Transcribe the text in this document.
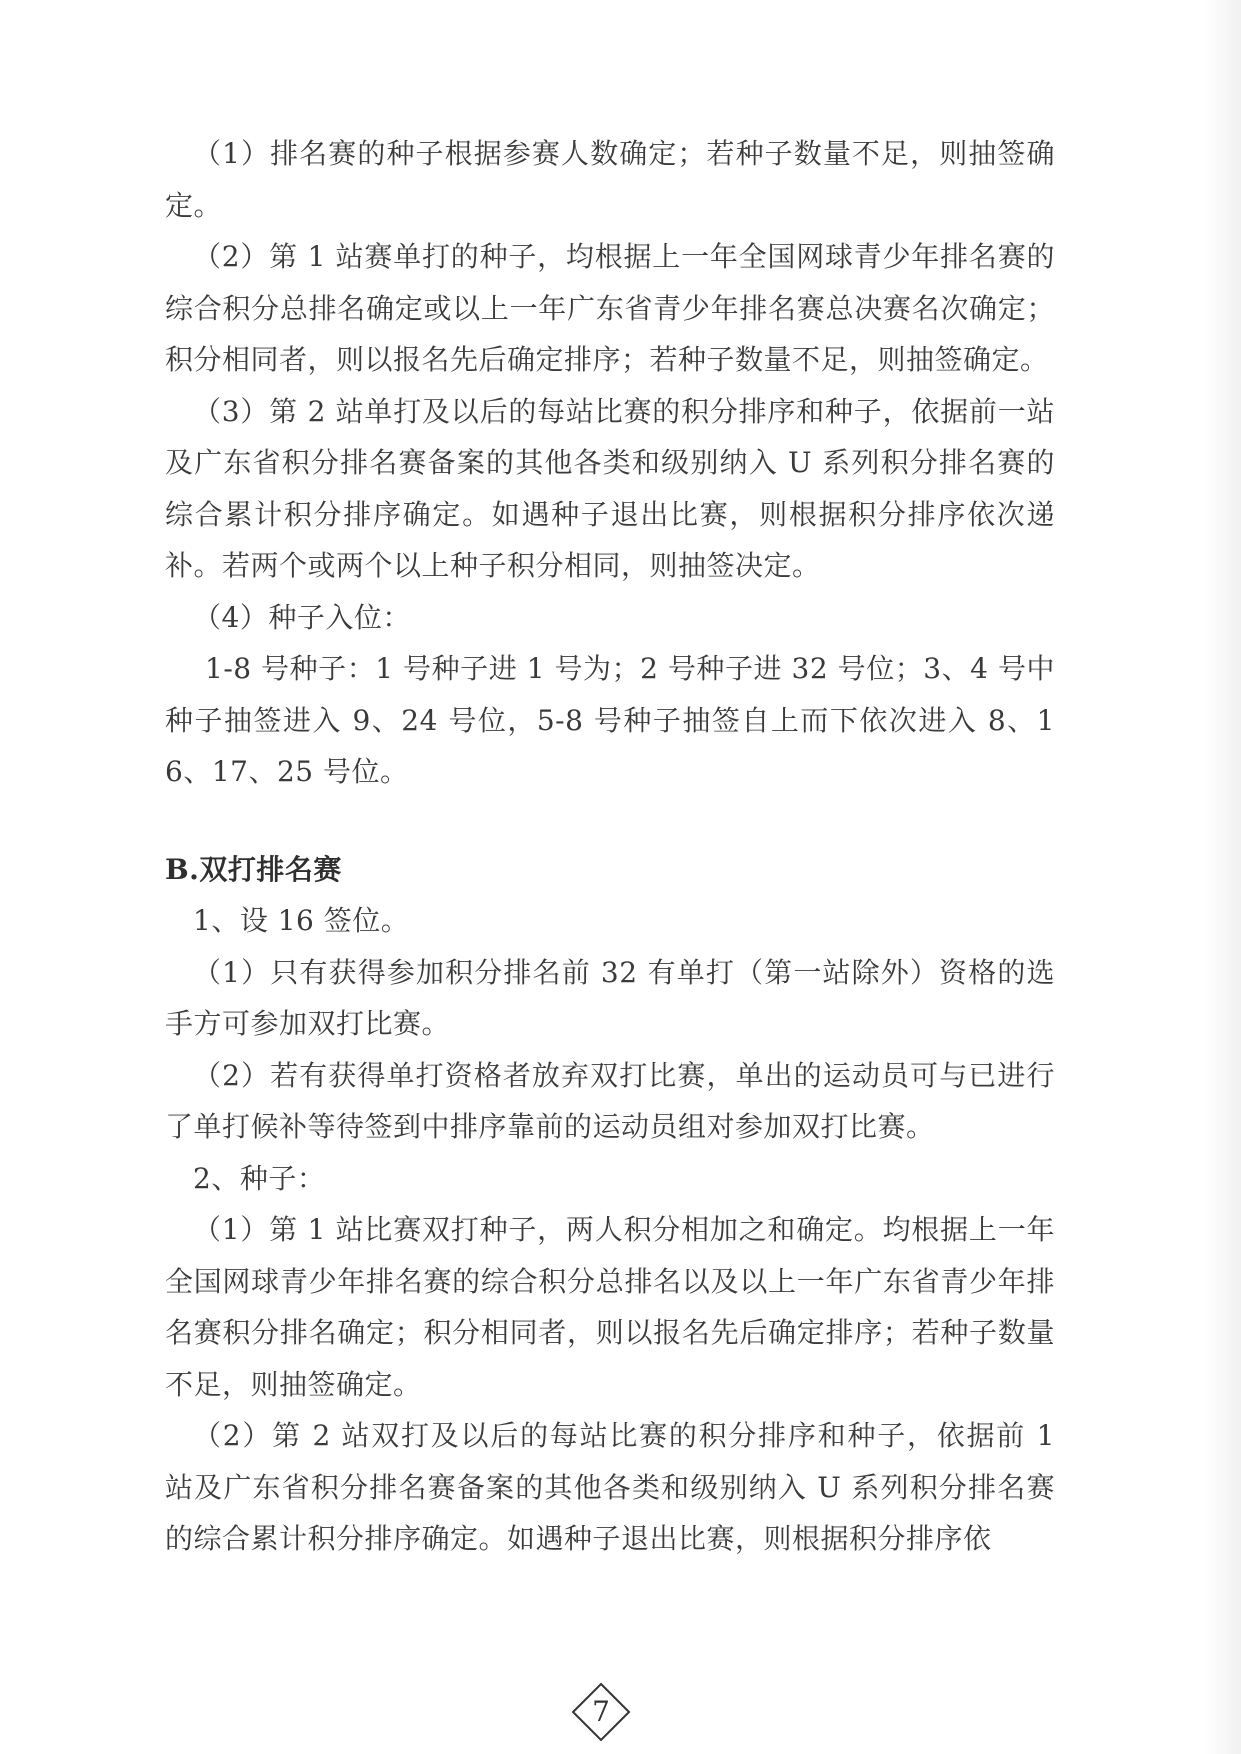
（1）排名赛的种子根据参赛人数确定；若种子数量不足，则抽签确定。

（2）第 1 站赛单打的种子，均根据上一年全国网球青少年排名赛的综合积分总排名确定或以上一年广东省青少年排名赛总决赛名次确定；积分相同者，则以报名先后确定排序；若种子数量不足，则抽签确定。

（3）第 2 站单打及以后的每站比赛的积分排序和种子，依据前一站及广东省积分排名赛备案的其他各类和级别纳入 U 系列积分排名赛的综合累计积分排序确定。如遇种子退出比赛，则根据积分排序依次递补。若两个或两个以上种子积分相同，则抽签决定。

（4）种子入位：

1-8 号种子：1 号种子进 1 号为；2 号种子进 32 号位；3、4 号中种子抽签进入 9、24 号位，5-8 号种子抽签自上而下依次进入 8、16、17、25 号位。

B.双打排名赛

1、设 16 签位。

（1）只有获得参加积分排名前 32 有单打（第一站除外）资格的选手方可参加双打比赛。

（2）若有获得单打资格者放弃双打比赛，单出的运动员可与已进行了单打候补等待签到中排序靠前的运动员组对参加双打比赛。

2、种子：

（1）第 1 站比赛双打种子，两人积分相加之和确定。均根据上一年全国网球青少年排名赛的综合积分总排名以及以上一年广东省青少年排名赛积分排名确定；积分相同者，则以报名先后确定排序；若种子数量不足，则抽签确定。

（2）第 2 站双打及以后的每站比赛的积分排序和种子，依据前 1 站及广东省积分排名赛备案的其他各类和级别纳入 U 系列积分排名赛的综合累计积分排序确定。如遇种子退出比赛，则根据积分排序依

7
